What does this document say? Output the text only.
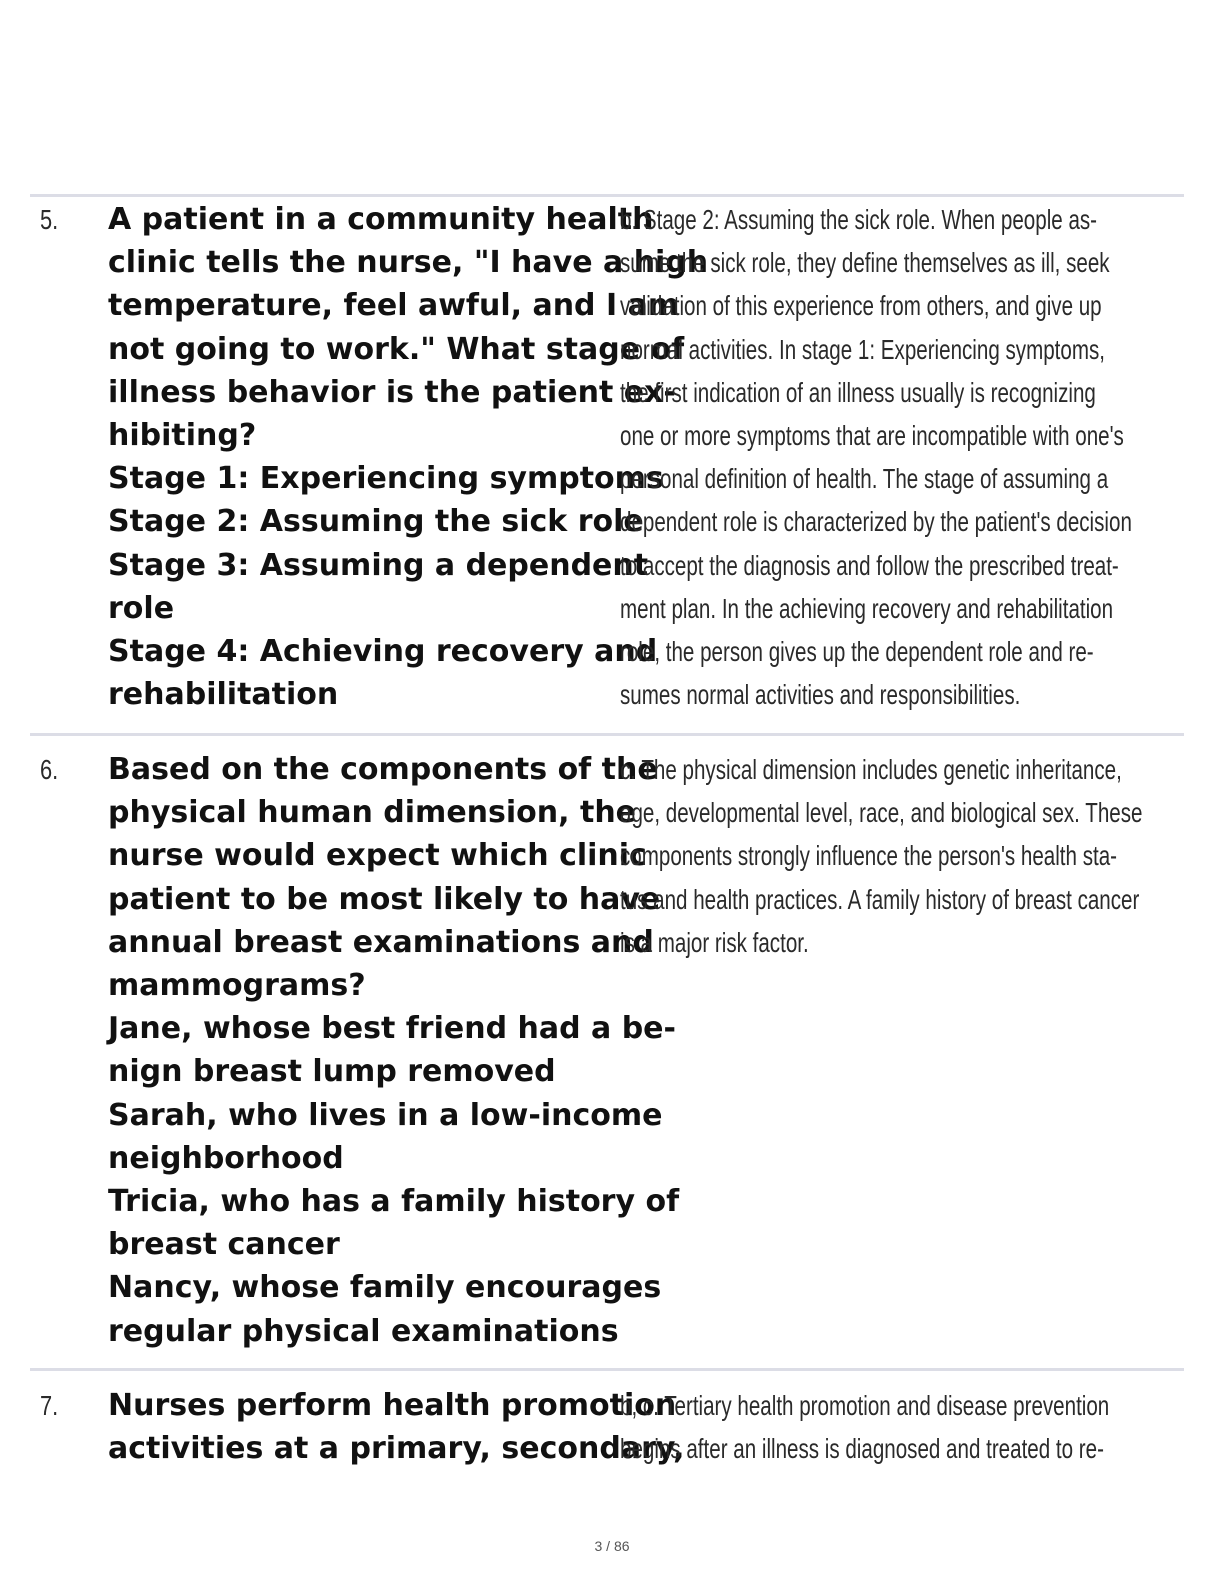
5. A patient in a community health
clinic tells the nurse, "I have a high
temperature, feel awful, and I am
not going to work." What stage of
illness behavior is the patient ex-
hibiting?
Stage 1: Experiencing symptoms
Stage 2: Assuming the sick role
Stage 3: Assuming a dependent
role
Stage 4: Achieving recovery and
rehabilitation
b. Stage 2: Assuming the sick role. When people as-
sume the sick role, they define themselves as ill, seek
validation of this experience from others, and give up
normal activities. In stage 1: Experiencing symptoms,
the first indication of an illness usually is recognizing
one or more symptoms that are incompatible with one's
personal definition of health. The stage of assuming a
dependent role is characterized by the patient's decision
to accept the diagnosis and follow the prescribed treat-
ment plan. In the achieving recovery and rehabilitation
role, the person gives up the dependent role and re-
sumes normal activities and responsibilities.
6. Based on the components of the
physical human dimension, the
nurse would expect which clinic
patient to be most likely to have
annual breast examinations and
mammograms?
Jane, whose best friend had a be-
nign breast lump removed
Sarah, who lives in a low-income
neighborhood
Tricia, who has a family history of
breast cancer
Nancy, whose family encourages
regular physical examinations
c. The physical dimension includes genetic inheritance,
age, developmental level, race, and biological sex. These
components strongly influence the person's health sta-
tus and health practices. A family history of breast cancer
is a major risk factor.
7. Nurses perform health promotion
activities at a primary, secondary,
b, c. Tertiary health promotion and disease prevention
begins after an illness is diagnosed and treated to re-
3 / 86
